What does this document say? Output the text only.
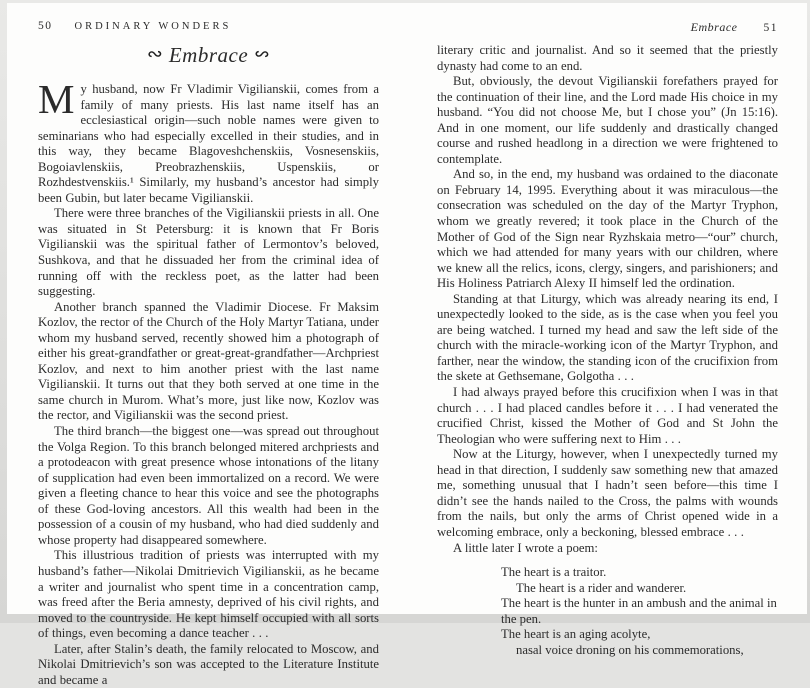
50 ORDINARY WONDERS
∾ Embrace ∾

My husband, now Fr Vladimir Vigilianskii, comes from a family of many priests. His last name itself has an ecclesiastical origin—such noble names were given to seminarians who had especially excelled in their studies, and in this way, they became Blagoveshchenskiis, Vosnesenskiis, Bogoiavlenskiis, Preobrazhenskiis, Uspenskiis, or Rozhdestvenskiis.¹ Similarly, my husband’s ancestor had simply been Gubin, but later became Vigilianskii.

There were three branches of the Vigilianskii priests in all. One was situated in St Petersburg: it is known that Fr Boris Vigilianskii was the spiritual father of Lermontov’s beloved, Sushkova, and that he dissuaded her from the criminal idea of running off with the reckless poet, as the latter had been suggesting.

Another branch spanned the Vladimir Diocese. Fr Maksim Kozlov, the rector of the Church of the Holy Martyr Tatiana, under whom my husband served, recently showed him a photograph of either his great-grandfather or great-great-grandfather—Archpriest Kozlov, and next to him another priest with the last name Vigilianskii. It turns out that they both served at one time in the same church in Murom. What’s more, just like now, Kozlov was the rector, and Vigilianskii was the second priest.

The third branch—the biggest one—was spread out throughout the Volga Region. To this branch belonged mitered archpriests and a protodeacon with great presence whose intonations of the litany of supplication had even been immortalized on a record. We were given a fleeting chance to hear this voice and see the photographs of these God-loving ancestors. All this wealth had been in the possession of a cousin of my husband, who had died suddenly and whose property had disappeared somewhere.

This illustrious tradition of priests was interrupted with my husband’s father—Nikolai Dmitrievich Vigilianskii, as he became a writer and journalist who spent time in a concentration camp, was freed after the Beria amnesty, deprived of his civil rights, and moved to the countryside. He kept himself occupied with all sorts of things, even becoming a dance teacher . . .

Later, after Stalin’s death, the family relocated to Moscow, and Nikolai Dmitrievich’s son was accepted to the Literature Institute and became a

Embrace 51

literary critic and journalist. And so it seemed that the priestly dynasty had come to an end.

But, obviously, the devout Vigilianskii forefathers prayed for the continuation of their line, and the Lord made His choice in my husband. “You did not choose Me, but I chose you” (Jn 15:16). And in one moment, our life suddenly and drastically changed course and rushed headlong in a direction we were frightened to contemplate.

And so, in the end, my husband was ordained to the diaconate on February 14, 1995. Everything about it was miraculous—the consecration was scheduled on the day of the Martyr Tryphon, whom we greatly revered; it took place in the Church of the Mother of God of the Sign near Ryzhskaia metro—“our” church, which we had attended for many years with our children, where we knew all the relics, icons, clergy, singers, and parishioners; and His Holiness Patriarch Alexy II himself led the ordination.

Standing at that Liturgy, which was already nearing its end, I unexpectedly looked to the side, as is the case when you feel you are being watched. I turned my head and saw the left side of the church with the miracle-working icon of the Martyr Tryphon, and farther, near the window, the standing icon of the crucifixion from the skete at Gethsemane, Golgotha . . .

I had always prayed before this crucifixion when I was in that church . . . I had placed candles before it . . . I had venerated the crucified Christ, kissed the Mother of God and St John the Theologian who were suffering next to Him . . .

Now at the Liturgy, however, when I unexpectedly turned my head in that direction, I suddenly saw something new that amazed me, something unusual that I hadn’t seen before—this time I didn’t see the hands nailed to the Cross, the palms with wounds from the nails, but only the arms of Christ opened wide in a welcoming embrace, only a beckoning, blessed embrace . . .

A little later I wrote a poem:

The heart is a traitor.
The heart is a rider and wanderer.
The heart is the hunter in an ambush and the animal in the pen.
The heart is an aging acolyte,
nasal voice droning on his commemorations,
